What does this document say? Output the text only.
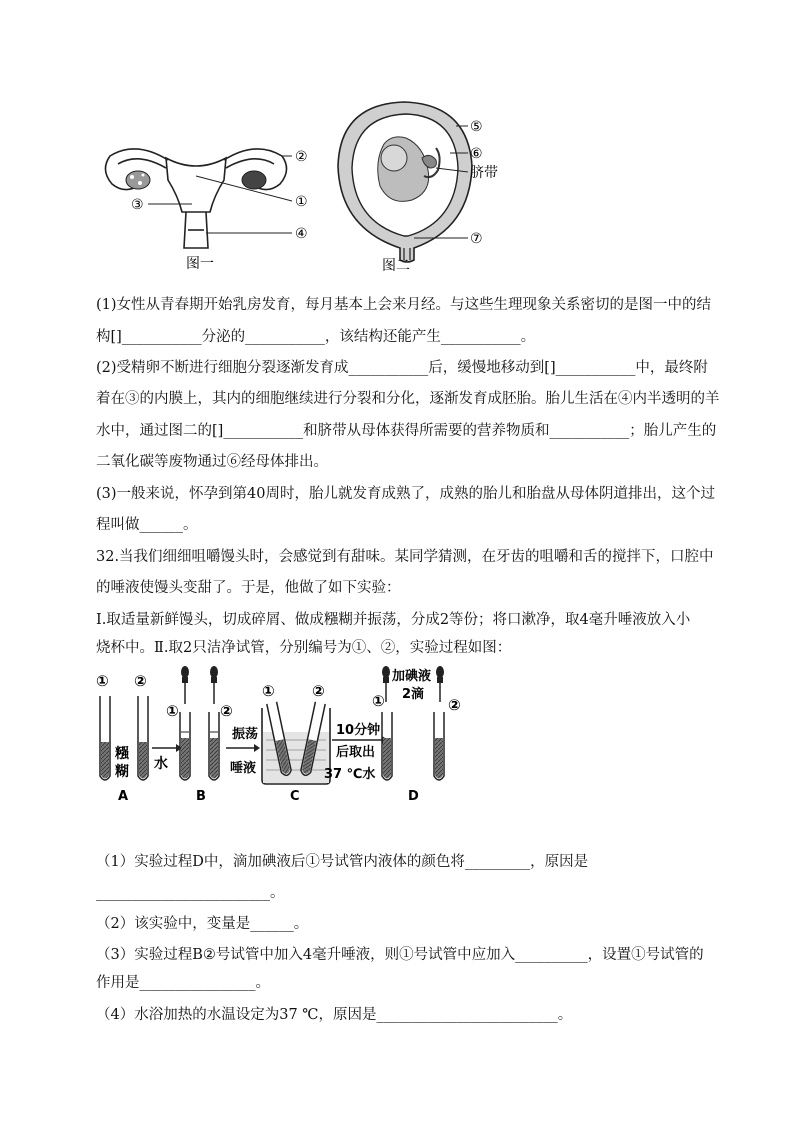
②
①
③
④
图一
⑤
⑥
脐带
⑦
图二
(1)女性从青春期开始乳房发育，每月基本上会来月经。与这些生理现象关系密切的是图一中的结
构[]___________分泌的___________，该结构还能产生___________。
(2)受精卵不断进行细胞分裂逐渐发育成___________后，缓慢地移动到[]___________中，最终附
着在③的内膜上，其内的细胞继续进行分裂和分化，逐渐发育成胚胎。胎儿生活在④内半透明的羊
水中，通过图二的[]___________和脐带从母体获得所需要的营养物质和___________；胎儿产生的
二氧化碳等废物通过⑥经母体排出。
(3)一般来说，怀孕到第40周时，胎儿就发育成熟了，成熟的胎儿和胎盘从母体阴道排出，这个过
程叫做______。
32.当我们细细咀嚼馒头时，会感觉到有甜味。某同学猜测，在牙齿的咀嚼和舌的搅拌下，口腔中
的唾液使馒头变甜了。于是，他做了如下实验：
Ⅰ.取适量新鲜馒头，切成碎屑、做成糨糊并振荡，分成2等份；将口漱净，取4毫升唾液放入小
烧杯中。Ⅱ.取2只洁净试管，分别编号为①、②，实验过程如图：
① ②
糨
糊
A
水
①	②
B
振荡
唾液
① ②
C
10分钟
后取出
37 ℃水
①	②
加碘液
2滴
D
（1）实验过程D中，滴加碘液后①号试管内液体的颜色将_________，原因是
________________________。
（2）该实验中，变量是______。
（3）实验过程B②号试管中加入4毫升唾液，则①号试管中应加入__________，设置①号试管的
作用是________________。
（4）水浴加热的水温设定为37 ℃，原因是_________________________。
